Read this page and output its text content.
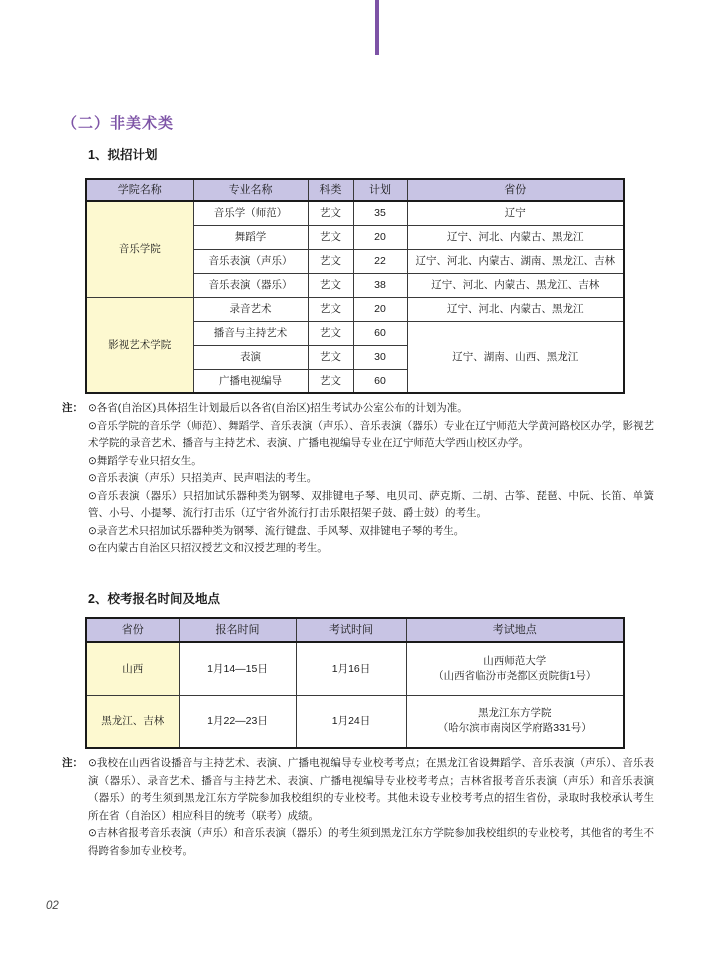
（二）非美术类
1、拟招计划
学院名称	专业名称	科类	计划	省份
音乐学院	音乐学（师范）	艺文	35	辽宁
	舞蹈学	艺文	20	辽宁、河北、内蒙古、黑龙江
	音乐表演（声乐）	艺文	22	辽宁、河北、内蒙古、湖南、黑龙江、吉林
	音乐表演（器乐）	艺文	38	辽宁、河北、内蒙古、黑龙江、吉林
影视艺术学院	录音艺术	艺文	20	辽宁、河北、内蒙古、黑龙江
	播音与主持艺术	艺文	60	辽宁、湖南、山西、黑龙江
	表演	艺文	30	
	广播电视编导	艺文	60	
注： ⊙各省(自治区)具体招生计划最后以各省(自治区)招生考试办公室公布的计划为准。

⊙音乐学院的音乐学（师范）、舞蹈学、音乐表演（声乐）、音乐表演（器乐）专业在辽宁师范大学黄河路校区办学，影视艺术学院的录音艺术、播音与主持艺术、表演、广播电视编导专业在辽宁师范大学西山校区办学。

⊙舞蹈学专业只招女生。

⊙音乐表演（声乐）只招美声、民声唱法的考生。

⊙音乐表演（器乐）只招加试乐器种类为钢琴、双排键电子琴、电贝司、萨克斯、二胡、古筝、琵琶、中阮、长笛、单簧管、小号、小提琴、流行打击乐（辽宁省外流行打击乐限招架子鼓、爵士鼓）的考生。

⊙录音艺术只招加试乐器种类为钢琴、流行键盘、手风琴、双排键电子琴的考生。

⊙在内蒙古自治区只招汉授艺文和汉授艺理的考生。

2、校考报名时间及地点
省份	报名时间	考试时间	考试地点
山西	1月14—15日	1月16日	山西师范大学
（山西省临汾市尧都区贡院街1号）

黑龙江、吉林	1月22—23日	1月24日	黑龙江东方学院
（哈尔滨市南岗区学府路331号）
注： ⊙我校在山西省设播音与主持艺术、表演、广播电视编导专业校考考点；在黑龙江省设舞蹈学、音乐表演（声乐）、音乐表演（器乐）、录音艺术、播音与主持艺术、表演、广播电视编导专业校考考点；吉林省报考音乐表演（声乐）和音乐表演（器乐）的考生须到黑龙江东方学院参加我校组织的专业校考。其他未设专业校考考点的招生省份，录取时我校承认考生所在省（自治区）相应科目的统考（联考）成绩。

⊙吉林省报考音乐表演（声乐）和音乐表演（器乐）的考生须到黑龙江东方学院参加我校组织的专业校考，其他省的考生不得跨省参加专业校考。

02
